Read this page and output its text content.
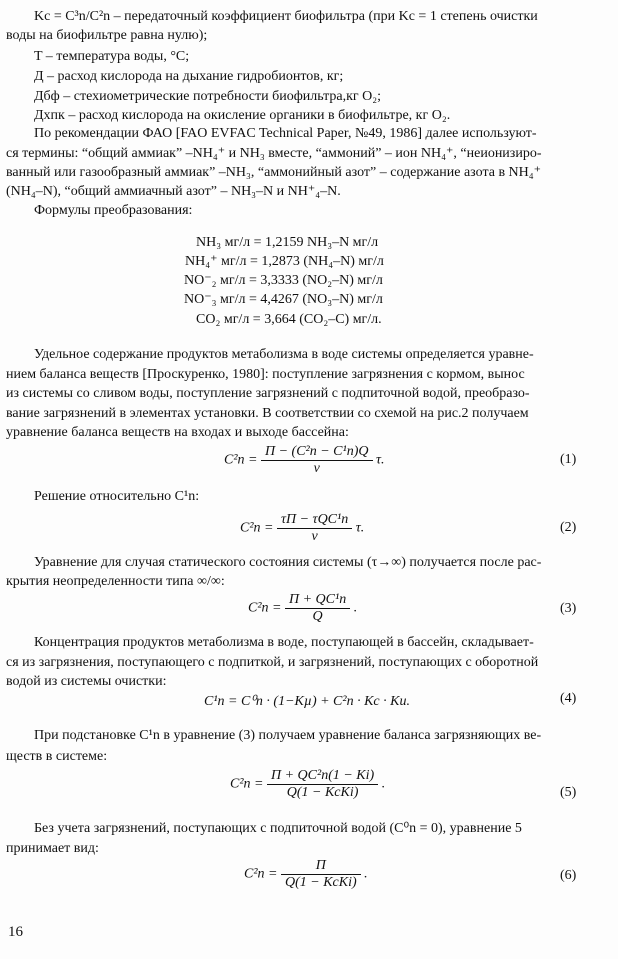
Kc = C³n/C²n – передаточный коэффициент биофильтра (при Kc = 1 степень очистки
воды на биофильтре равна нулю);
T – температура воды, °C;
Д – расход кислорода на дыхание гидробионтов, кг;
Дбф – стехиометрические потребности биофильтра,кг O₂;
Дхпк – расход кислорода на окисление органики в биофильтре, кг O₂.
По рекомендации ФАО [FAO EVFAC Technical Paper, №49, 1986] далее используют-
ся термины: “общий аммиак” –NH₄⁺ и NH₃ вместе, “аммоний” – ион NH₄⁺, “неионизиро-
ванный или газообразный аммиак” –NH₃, “аммонийный азот” – содержание азота в NH₄⁺
(NH₄–N), “общий аммиачный азот” – NH₃–N и NH⁺₄–N.
Формулы преобразования:
NH₃ мг/л = 1,2159 NH₃–N мг/л
NH₄⁺ мг/л = 1,2873 (NH₄–N) мг/л
NO⁻₂ мг/л = 3,3333 (NO₂–N) мг/л
NO⁻₃ мг/л = 4,4267 (NO₃–N) мг/л
CO₂ мг/л = 3,664 (CO₂–C) мг/л.
Удельное содержание продуктов метаболизма в воде системы определяется уравне-
нием баланса веществ [Проскуренко, 1980]: поступление загрязнения с кормом, вынос
из системы со сливом воды, поступление загрязнений с подпиточной водой, преобразо-
вание загрязнений в элементах установки. В соответствии со схемой на рис.2 получаем
уравнение баланса веществ на входах и выходе бассейна:
$C^2n = \frac{\text{П − (C²n − C¹n)Q}}{v} \tau$.	(1)
Решение относительно C¹n:
$C^2n = \frac{\text{τП − τQC¹n}}{v} \tau$.	(2)
Уравнение для случая статического состояния системы (τ→∞) получается после рас-
крытия неопределенности типа ∞/∞:
$C^2n = \frac{\text{П + QC¹n}}{Q}$ .	(3)
Концентрация продуктов метаболизма в воде, поступающей в бассейн, складывает-
ся из загрязнения, поступающего с подпиткой, и загрязнений, поступающих с оборотной
водой из системы очистки:
C¹n = C⁰n · (1−Kµ) + C²n · Kc · Kи.	(4)
При подстановке C¹n в уравнение (3) получаем уравнение баланса загрязняющих ве-
ществ в системе:
$C^2n = \frac{\text{П + QC²n(1 − Ki)}}{\text{Q(1 − KcKi)}}$ .
(5)
Без учета загрязнений, поступающих с подпиточной водой (C⁰n = 0), уравнение 5
принимает вид:
$C^2n = \frac{П}{\text{Q(1 − KcKi)}}$ .	(6)
16
